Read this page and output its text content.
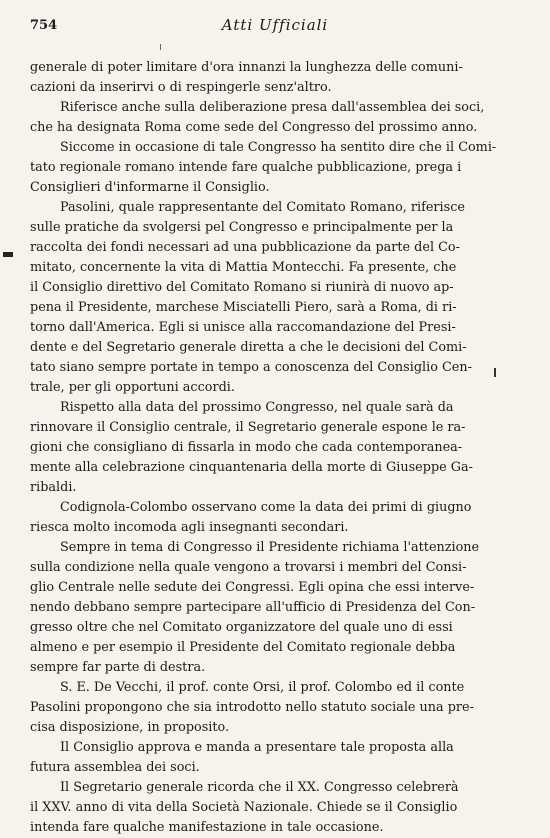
754	Atti Ufficiali
generale di poter limitare d'ora innanzi la lunghezza delle comuni-
cazioni da inserirvi o di respingerle senz'altro.
Riferisce anche sulla deliberazione presa dall'assemblea dei soci,
che ha designata Roma come sede del Congresso del prossimo anno.
Siccome in occasione di tale Congresso ha sentito dire che il Comi-
tato regionale romano intende fare qualche pubblicazione, prega i
Consiglieri d'informarne il Consiglio.
Pasolini, quale rappresentante del Comitato Romano, riferisce
sulle pratiche da svolgersi pel Congresso e principalmente per la
raccolta dei fondi necessari ad una pubblicazione da parte del Co-
mitato, concernente la vita di Mattia Montecchi. Fa presente, che
il Consiglio direttivo del Comitato Romano si riunirà di nuovo ap-
pena il Presidente, marchese Misciatelli Piero, sarà a Roma, di ri-
torno dall'America. Egli si unisce alla raccomandazione del Presi-
dente e del Segretario generale diretta a che le decisioni del Comi-
tato siano sempre portate in tempo a conoscenza del Consiglio Cen-
trale, per gli opportuni accordi.
Rispetto alla data del prossimo Congresso, nel quale sarà da
rinnovare il Consiglio centrale, il Segretario generale espone le ra-
gioni che consigliano di fissarla in modo che cada contemporanea-
mente alla celebrazione cinquantenaria della morte di Giuseppe Ga-
ribaldi.
Codignola-Colombo osservano come la data dei primi di giugno
riesca molto incomoda agli insegnanti secondari.
Sempre in tema di Congresso il Presidente richiama l'attenzione
sulla condizione nella quale vengono a trovarsi i membri del Consi-
glio Centrale nelle sedute dei Congressi. Egli opina che essi interve-
nendo debbano sempre partecipare all'ufficio di Presidenza del Con-
gresso oltre che nel Comitato organizzatore del quale uno di essi
almeno e per esempio il Presidente del Comitato regionale debba
sempre far parte di destra.
S. E. De Vecchi, il prof. conte Orsi, il prof. Colombo ed il conte
Pasolini propongono che sia introdotto nello statuto sociale una pre-
cisa disposizione, in proposito.
Il Consiglio approva e manda a presentare tale proposta alla
futura assemblea dei soci.
Il Segretario generale ricorda che il XX. Congresso celebrerà
il XXV. anno di vita della Società Nazionale. Chiede se il Consiglio
intenda fare qualche manifestazione in tale occasione.
